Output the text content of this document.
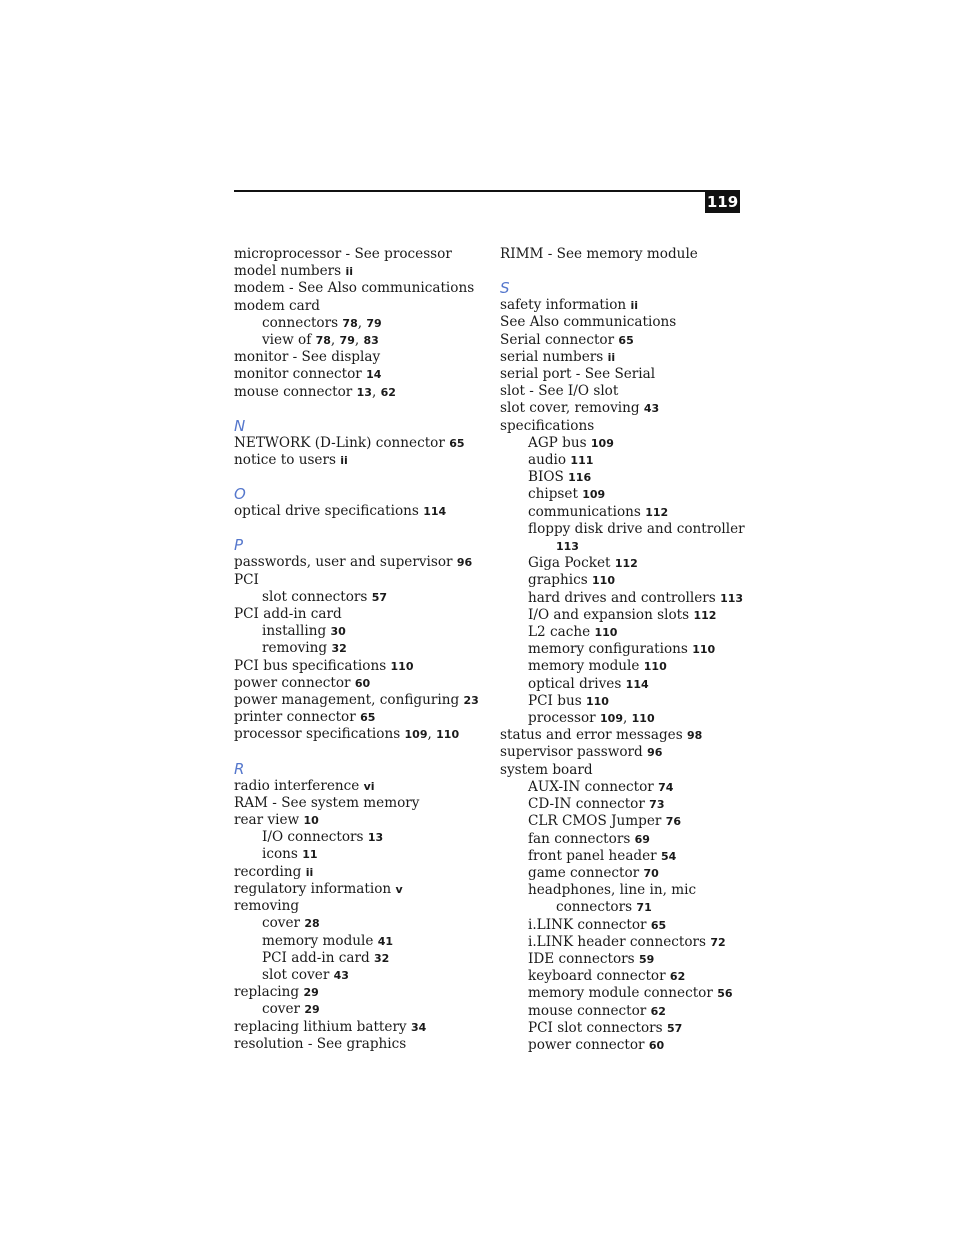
119
microprocessor - See processor
model numbers ii
modem - See Also communications
modem card
connectors 78, 79
view of 78, 79, 83
monitor - See display
monitor connector 14
mouse connector 13, 62
N
NETWORK (D-Link) connector 65
notice to users ii
O
optical drive specifications 114
P
passwords, user and supervisor 96
PCI
slot connectors 57
PCI add-in card
installing 30
removing 32
PCI bus specifications 110
power connector 60
power management, configuring 23
printer connector 65
processor specifications 109, 110
R
radio interference vi
RAM - See system memory
rear view 10
I/O connectors 13
icons 11
recording ii
regulatory information v
removing
cover 28
memory module 41
PCI add-in card 32
slot cover 43
replacing 29
cover 29
replacing lithium battery 34
resolution - See graphics
RIMM - See memory module
S
safety information ii
See Also communications
Serial connector 65
serial numbers ii
serial port - See Serial
slot - See I/O slot
slot cover, removing 43
specifications
AGP bus 109
audio 111
BIOS 116
chipset 109
communications 112
floppy disk drive and controller
113
Giga Pocket 112
graphics 110
hard drives and controllers 113
I/O and expansion slots 112
L2 cache 110
memory configurations 110
memory module 110
optical drives 114
PCI bus 110
processor 109, 110
status and error messages 98
supervisor password 96
system board
AUX-IN connector 74
CD-IN connector 73
CLR CMOS Jumper 76
fan connectors 69
front panel header 54
game connector 70
headphones, line in, mic
connectors 71
i.LINK connector 65
i.LINK header connectors 72
IDE connectors 59
keyboard connector 62
memory module connector 56
mouse connector 62
PCI slot connectors 57
power connector 60
